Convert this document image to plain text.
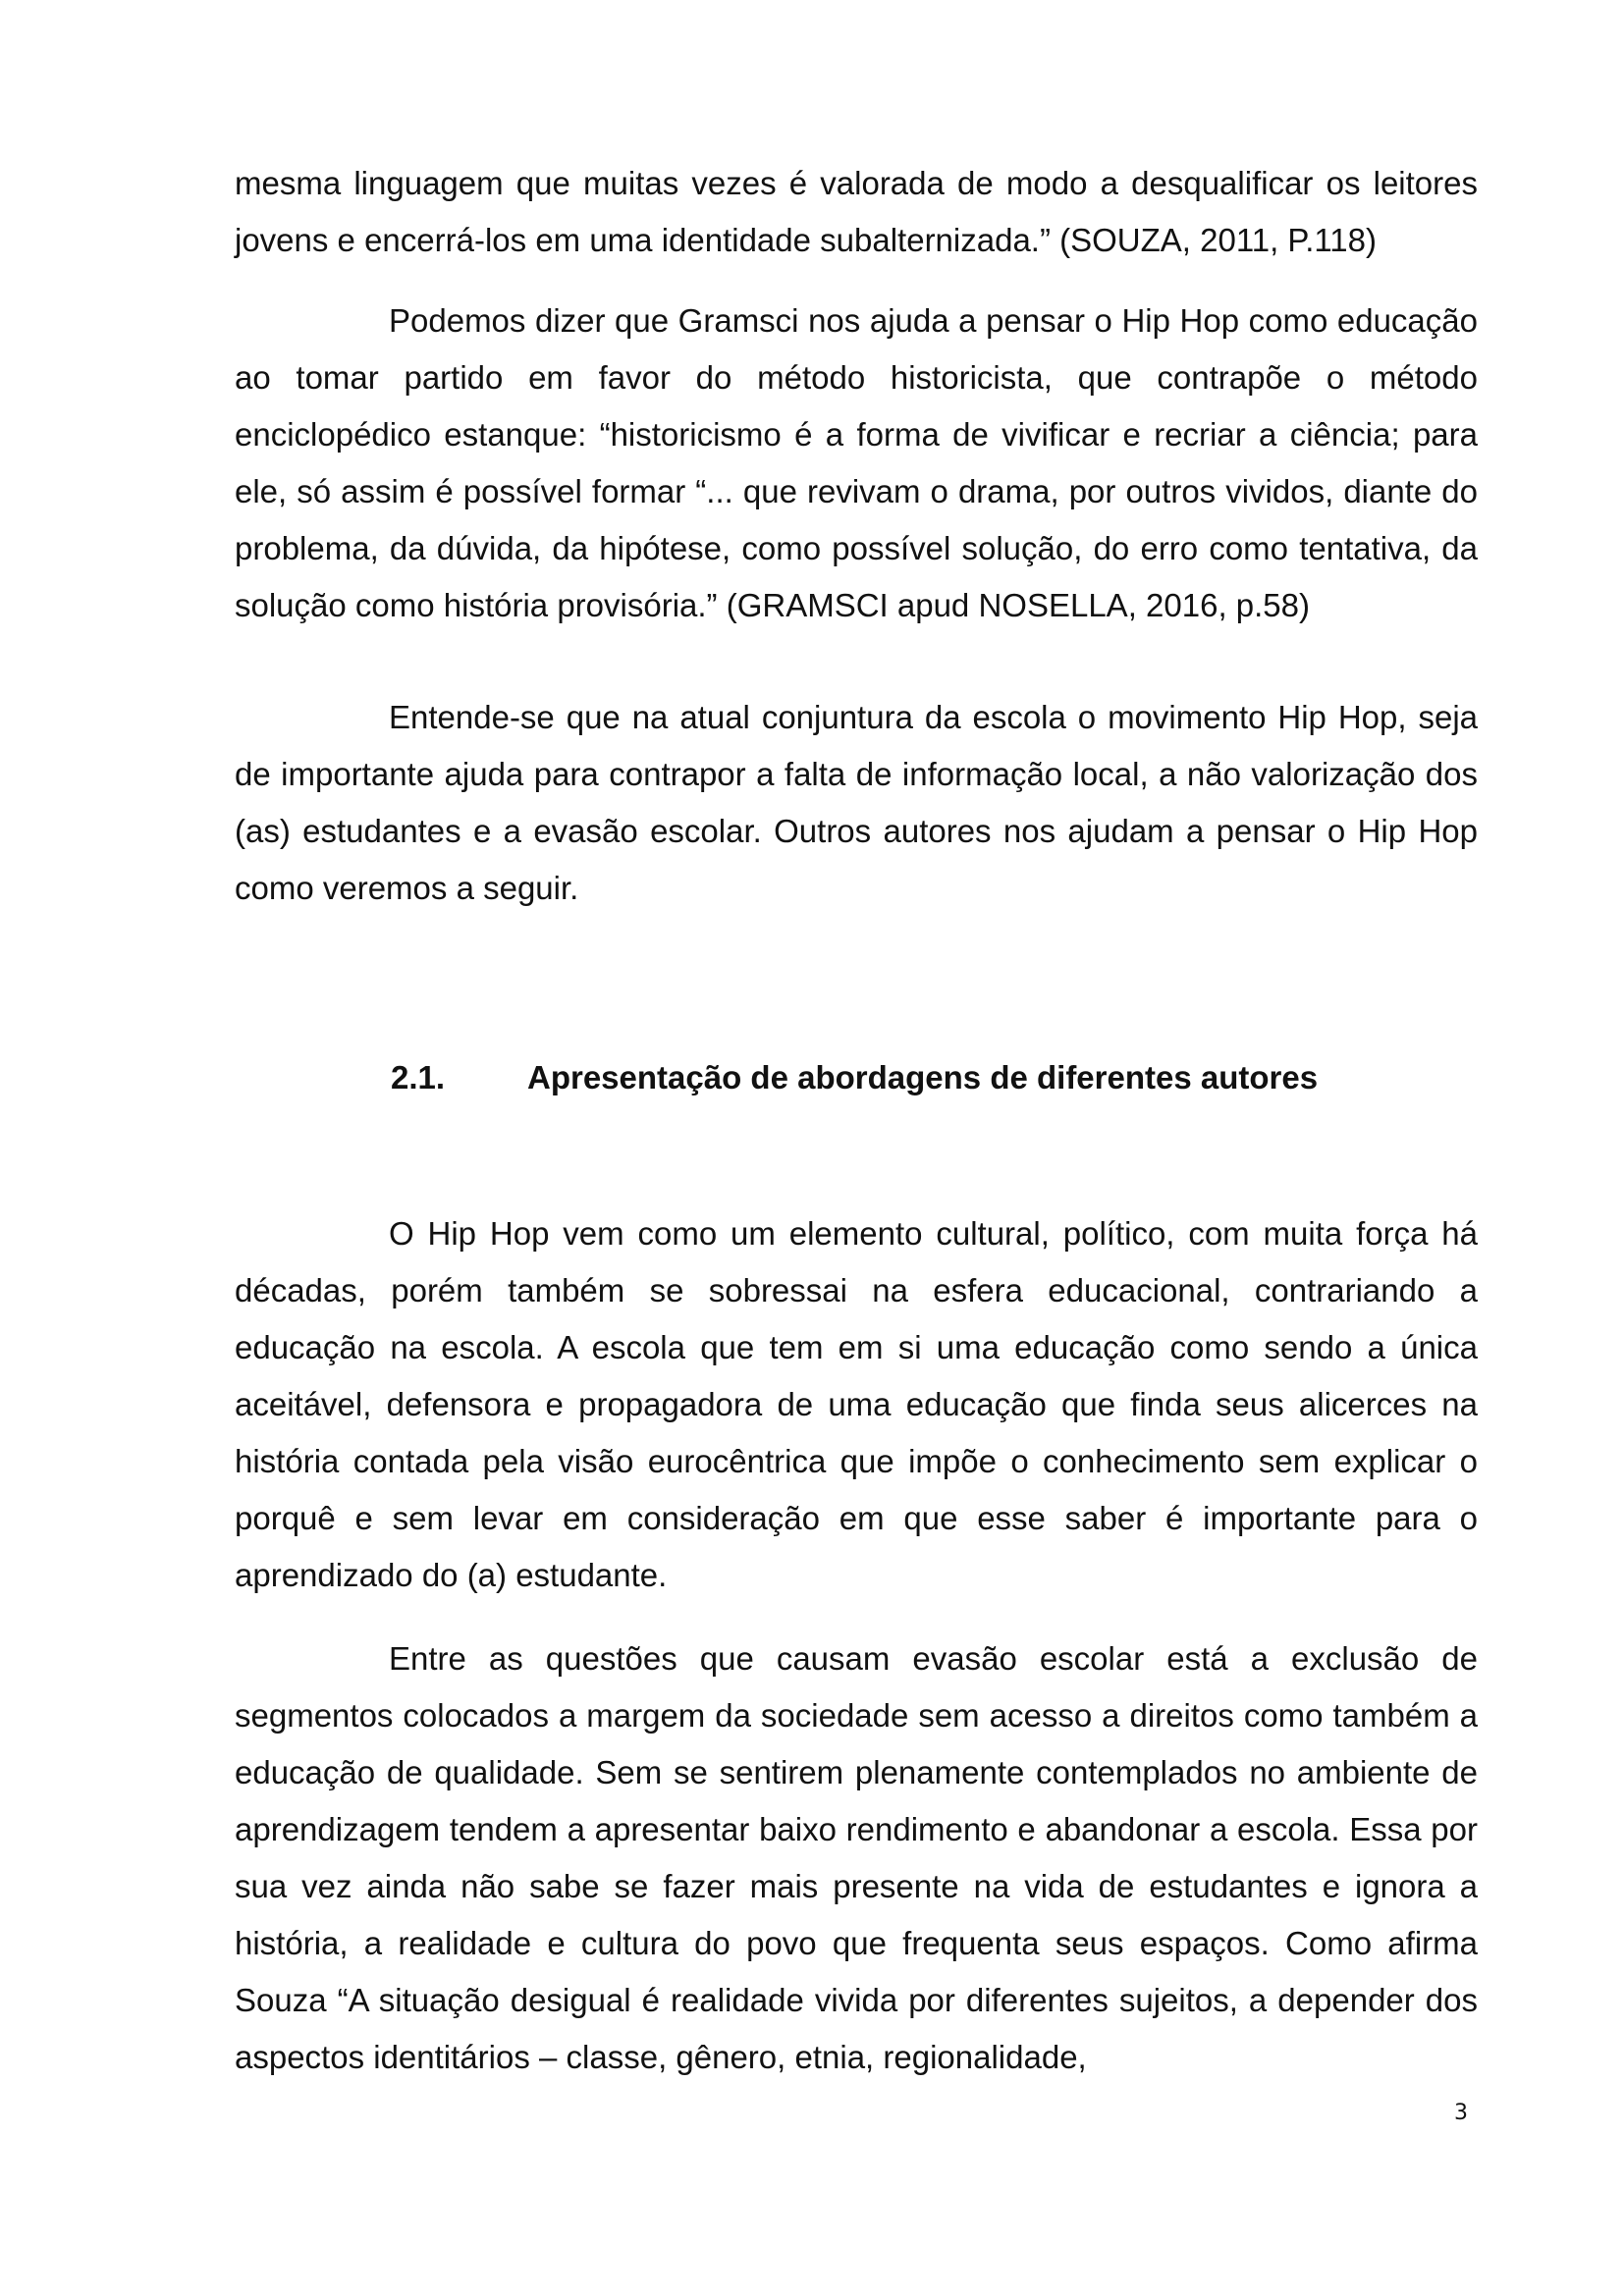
mesma linguagem que muitas vezes é valorada de modo a desqualificar os leitores jovens e encerrá-los em uma identidade subalternizada.” (SOUZA, 2011, P.118)

Podemos dizer que Gramsci nos ajuda a pensar o Hip Hop como educação ao tomar partido em favor do método historicista, que contrapõe o método enciclopédico estanque: “historicismo é a forma de vivificar e recriar a ciência; para ele, só assim é possível formar “... que revivam o drama, por outros vividos, diante do problema, da dúvida, da hipótese, como possível solução, do erro como tentativa, da solução como história provisória.” (GRAMSCI apud NOSELLA, 2016, p.58)

Entende-se que na atual conjuntura da escola o movimento Hip Hop, seja de importante ajuda para contrapor a falta de informação local, a não valorização dos (as) estudantes e a evasão escolar. Outros autores nos ajudam a pensar o Hip Hop como veremos a seguir.

2.1.	Apresentação de abordagens de diferentes autores

O Hip Hop vem como um elemento cultural, político, com muita força há décadas, porém também se sobressai na esfera educacional, contrariando a educação na escola. A escola que tem em si uma educação como sendo a única aceitável, defensora e propagadora de uma educação que finda seus alicerces na história contada pela visão eurocêntrica que impõe o conhecimento sem explicar o porquê e sem levar em consideração em que esse saber é importante para o aprendizado do (a) estudante.

Entre as questões que causam evasão escolar está a exclusão de segmentos colocados a margem da sociedade sem acesso a direitos como também a educação de qualidade. Sem se sentirem plenamente contemplados no ambiente de aprendizagem tendem a apresentar baixo rendimento e abandonar a escola. Essa por sua vez ainda não sabe se fazer mais presente na vida de estudantes e ignora a história, a realidade e cultura do povo que frequenta seus espaços. Como afirma Souza “A situação desigual é realidade vivida por diferentes sujeitos, a depender dos aspectos identitários – classe, gênero, etnia, regionalidade,

3
